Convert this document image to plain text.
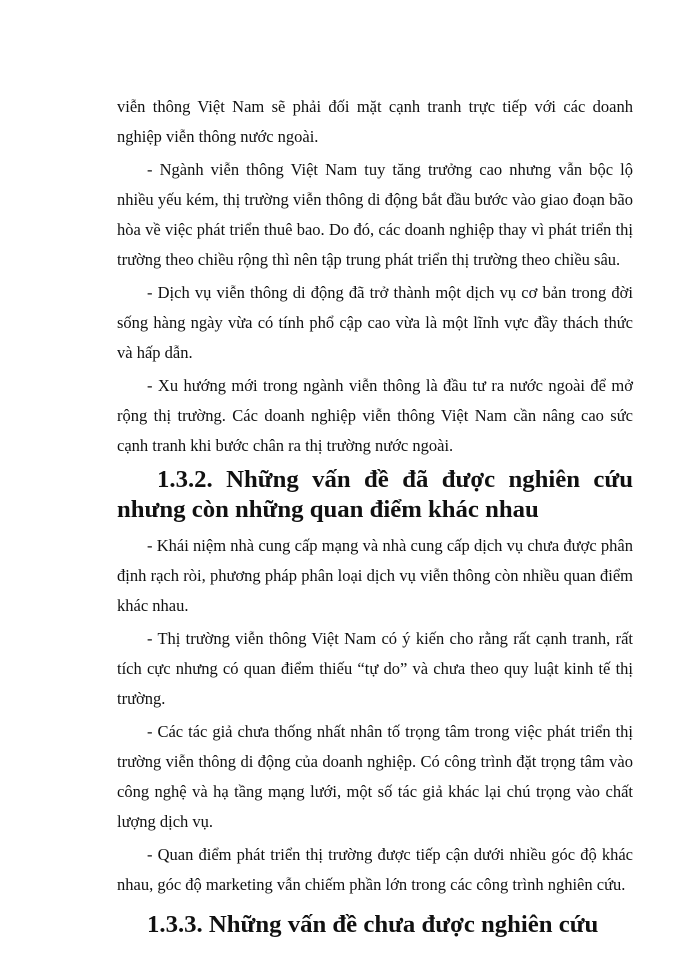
viễn thông Việt Nam sẽ phải đối mặt cạnh tranh trực tiếp với các doanh nghiệp viễn thông nước ngoài.

- Ngành viễn thông Việt Nam tuy tăng trưởng cao nhưng vẫn bộc lộ nhiều yếu kém, thị trường viễn thông di động bắt đầu bước vào giao đoạn bão hòa về việc phát triển thuê bao. Do đó, các doanh nghiệp thay vì phát triển thị trường theo chiều rộng thì nên tập trung phát triển thị trường theo chiều sâu.

- Dịch vụ viễn thông di động đã trở thành một dịch vụ cơ bản trong đời sống hàng ngày vừa có tính phổ cập cao vừa là một lĩnh vực đầy thách thức và hấp dẫn.

- Xu hướng mới trong ngành viễn thông là đầu tư ra nước ngoài để mở rộng thị trường. Các doanh nghiệp viễn thông Việt Nam cần nâng cao sức cạnh tranh khi bước chân ra thị trường nước ngoài.

1.3.2. Những vấn đề đã được nghiên cứu nhưng còn những quan điểm khác nhau

- Khái niệm nhà cung cấp mạng và nhà cung cấp dịch vụ chưa được phân định rạch ròi, phương pháp phân loại dịch vụ viễn thông còn nhiều quan điểm khác nhau.

- Thị trường viễn thông Việt Nam có ý kiến cho rằng rất cạnh tranh, rất tích cực nhưng có quan điểm thiếu “tự do” và chưa theo quy luật kinh tế thị trường.

- Các tác giả chưa thống nhất nhân tố trọng tâm trong việc phát triển thị trường viễn thông di động của doanh nghiệp. Có công trình đặt trọng tâm vào công nghệ và hạ tầng mạng lưới, một số tác giả khác lại chú trọng vào chất lượng dịch vụ.

- Quan điểm phát triển thị trường được tiếp cận dưới nhiều góc độ khác nhau, góc độ marketing vẫn chiếm phần lớn trong các công trình nghiên cứu.

1.3.3. Những vấn đề chưa được nghiên cứu
